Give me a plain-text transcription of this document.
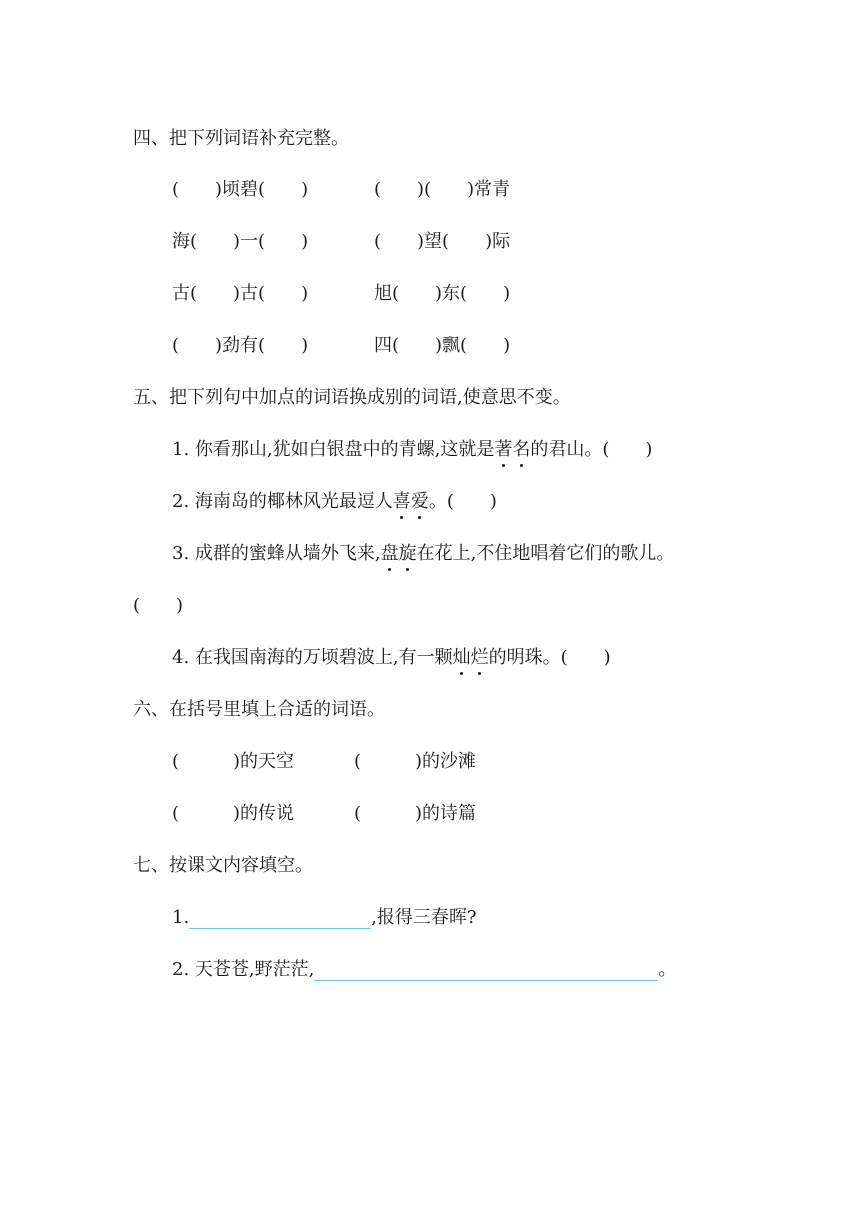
四、把下列词语补充完整。
(　　)顷碧(　　)	(　　)(　　)常青
海(　　)一(　　)	(　　)望(　　)际
古(　　)古(　　)	旭(　　)东(　　)
(　　)劲有(　　)	四(　　)飘(　　)
五、把下列句中加点的词语换成别的词语,使意思不变。
1. 你看那山,犹如白银盘中的青螺,这就是著名的君山。(　　)
2. 海南岛的椰林风光最逗人喜爱。(　　)
3. 成群的蜜蜂从墙外飞来,盘旋在花上,不住地唱着它们的歌儿。
(　　)
4. 在我国南海的万顷碧波上,有一颗灿烂的明珠。(　　)
六、在括号里填上合适的词语。
(　　　)的天空	(　　　)的沙滩
(　　　)的传说	(　　　)的诗篇
七、按课文内容填空。
1.	,报得三春晖?
2. 天苍苍,野茫茫,	。
